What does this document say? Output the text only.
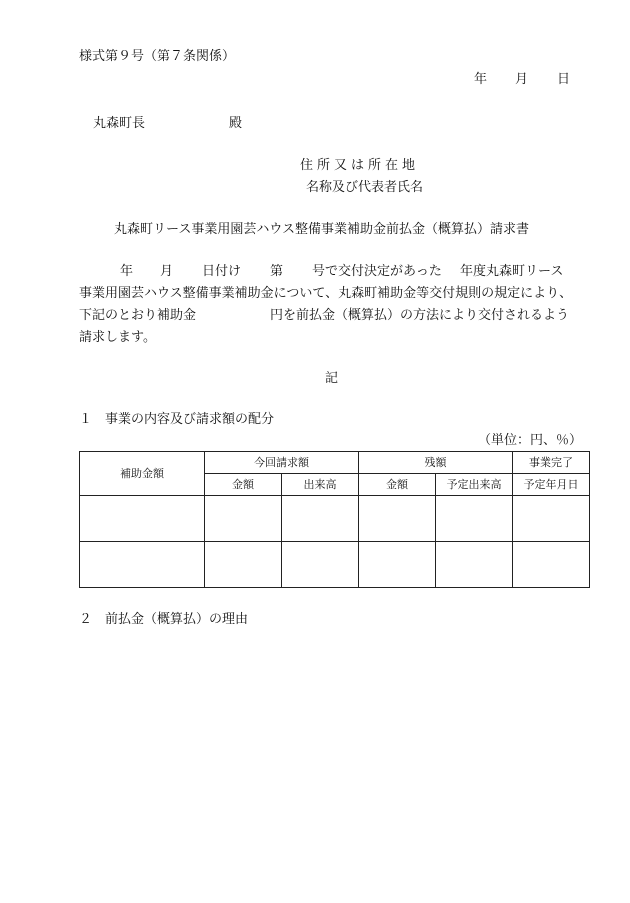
様式第９号（第７条関係）
年 月 日
丸森町長	殿
住所又は所在地
名称及び代表者氏名
丸森町リース事業用園芸ハウス整備事業補助金前払金（概算払）請求書
年 月 日付け 第 号で交付決定があった 年度丸森町リース
事業用園芸ハウス整備事業補助金について、丸森町補助金等交付規則の規定により、
下記のとおり補助金	円を前払金（概算払）の方法により交付されるよう
請求します。
記
１　事業の内容及び請求額の配分
（単位：円、％）
補助金額	今回請求額		残額		事業完了
	金額	出来高	金額	予定出来高	予定年月日

２　前払金（概算払）の理由
